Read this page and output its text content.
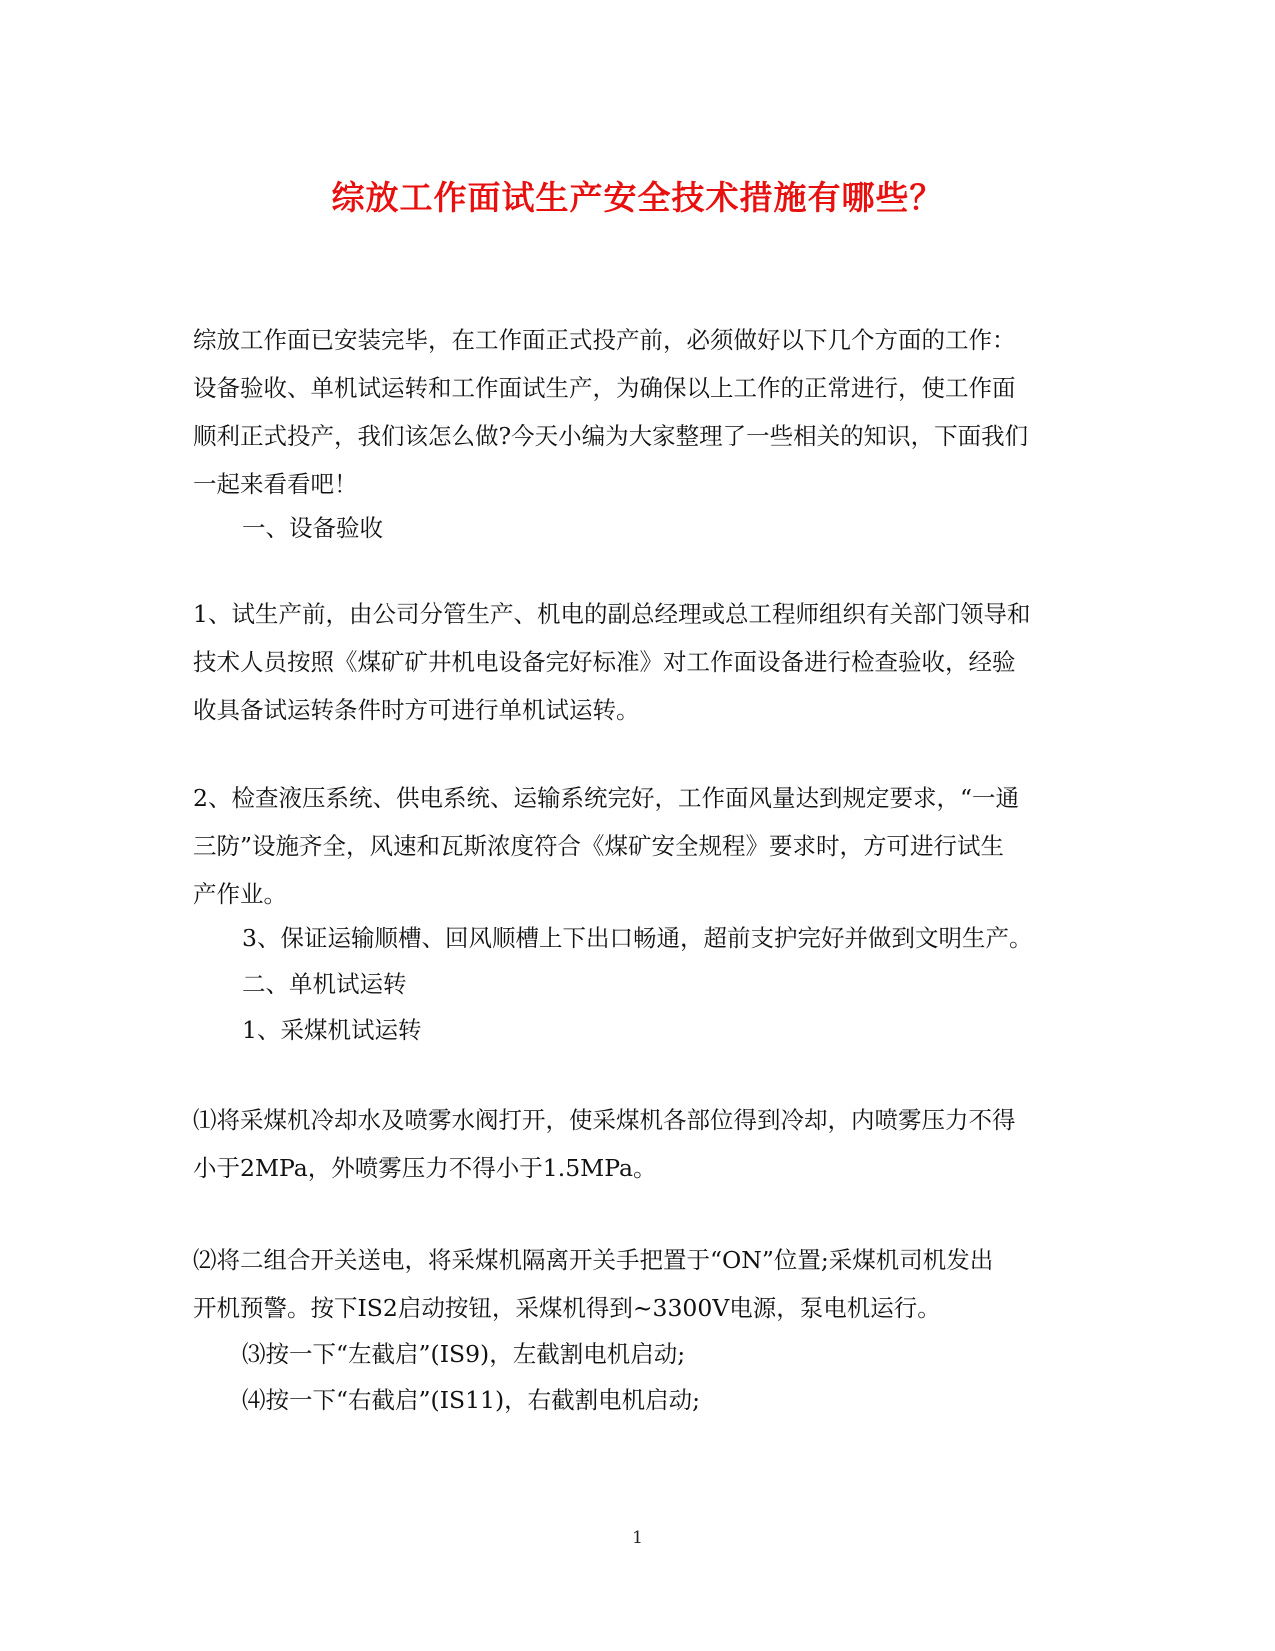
综放工作面试生产安全技术措施有哪些？

综放工作面已安装完毕，在工作面正式投产前，必须做好以下几个方面的工作：

设备验收、单机试运转和工作面试生产，为确保以上工作的正常进行，使工作面

顺利正式投产，我们该怎么做?今天小编为大家整理了一些相关的知识，下面我们

一起来看看吧！

一、设备验收

1、试生产前，由公司分管生产、机电的副总经理或总工程师组织有关部门领导和

技术人员按照《煤矿矿井机电设备完好标准》对工作面设备进行检查验收，经验

收具备试运转条件时方可进行单机试运转。

2、检查液压系统、供电系统、运输系统完好，工作面风量达到规定要求，“一通

三防”设施齐全，风速和瓦斯浓度符合《煤矿安全规程》要求时，方可进行试生

产作业。

3、保证运输顺槽、回风顺槽上下出口畅通，超前支护完好并做到文明生产。

二、单机试运转

1、采煤机试运转

⑴将采煤机冷却水及喷雾水阀打开，使采煤机各部位得到冷却，内喷雾压力不得

小于2MPa，外喷雾压力不得小于1.5MPa。

⑵将二组合开关送电，将采煤机隔离开关手把置于“ON”位置;采煤机司机发出

开机预警。按下IS2启动按钮，采煤机得到~3300V电源，泵电机运行。

⑶按一下“左截启”(IS9)，左截割电机启动;

⑷按一下“右截启”(IS11)，右截割电机启动;

1
